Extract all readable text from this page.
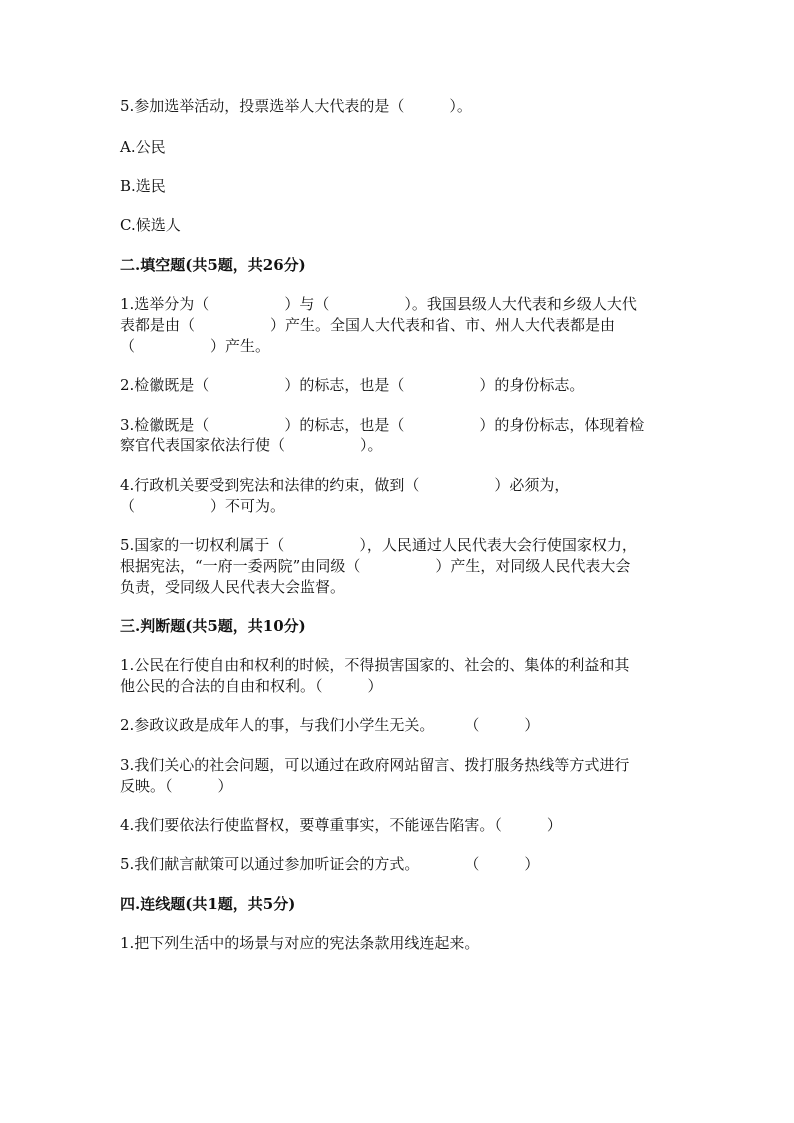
5.参加选举活动，投票选举人大代表的是（　　　）。
A.公民
B.选民
C.候选人
二.填空题(共5题，共26分)
1.选举分为（　　　　　）与（　　　　　）。我国县级人大代表和乡级人大代
表都是由（　　　　　）产生。全国人大代表和省、市、州人大代表都是由
（　　　　　）产生。
2.检徽既是（　　　　　）的标志，也是（　　　　　）的身份标志。
3.检徽既是（　　　　　）的标志，也是（　　　　　）的身份标志，体现着检
察官代表国家依法行使（　　　　　）。
4.行政机关要受到宪法和法律的约束，做到（　　　　　）必须为，
（　　　　　）不可为。
5.国家的一切权利属于（　　　　　），人民通过人民代表大会行使国家权力，
根据宪法，“一府一委两院”由同级（　　　　　）产生，对同级人民代表大会
负责，受同级人民代表大会监督。
三.判断题(共5题，共10分)
1.公民在行使自由和权利的时候，不得损害国家的、社会的、集体的利益和其
他公民的合法的自由和权利。（　　　）
2.参政议政是成年人的事，与我们小学生无关。　　　（　　　）
3.我们关心的社会问题，可以通过在政府网站留言、拨打服务热线等方式进行
反映。（　　　）
4.我们要依法行使监督权，要尊重事实，不能诬告陷害。（　　　）
5.我们献言献策可以通过参加听证会的方式。　　　　（　　　）
四.连线题(共1题，共5分)
1.把下列生活中的场景与对应的宪法条款用线连起来。
